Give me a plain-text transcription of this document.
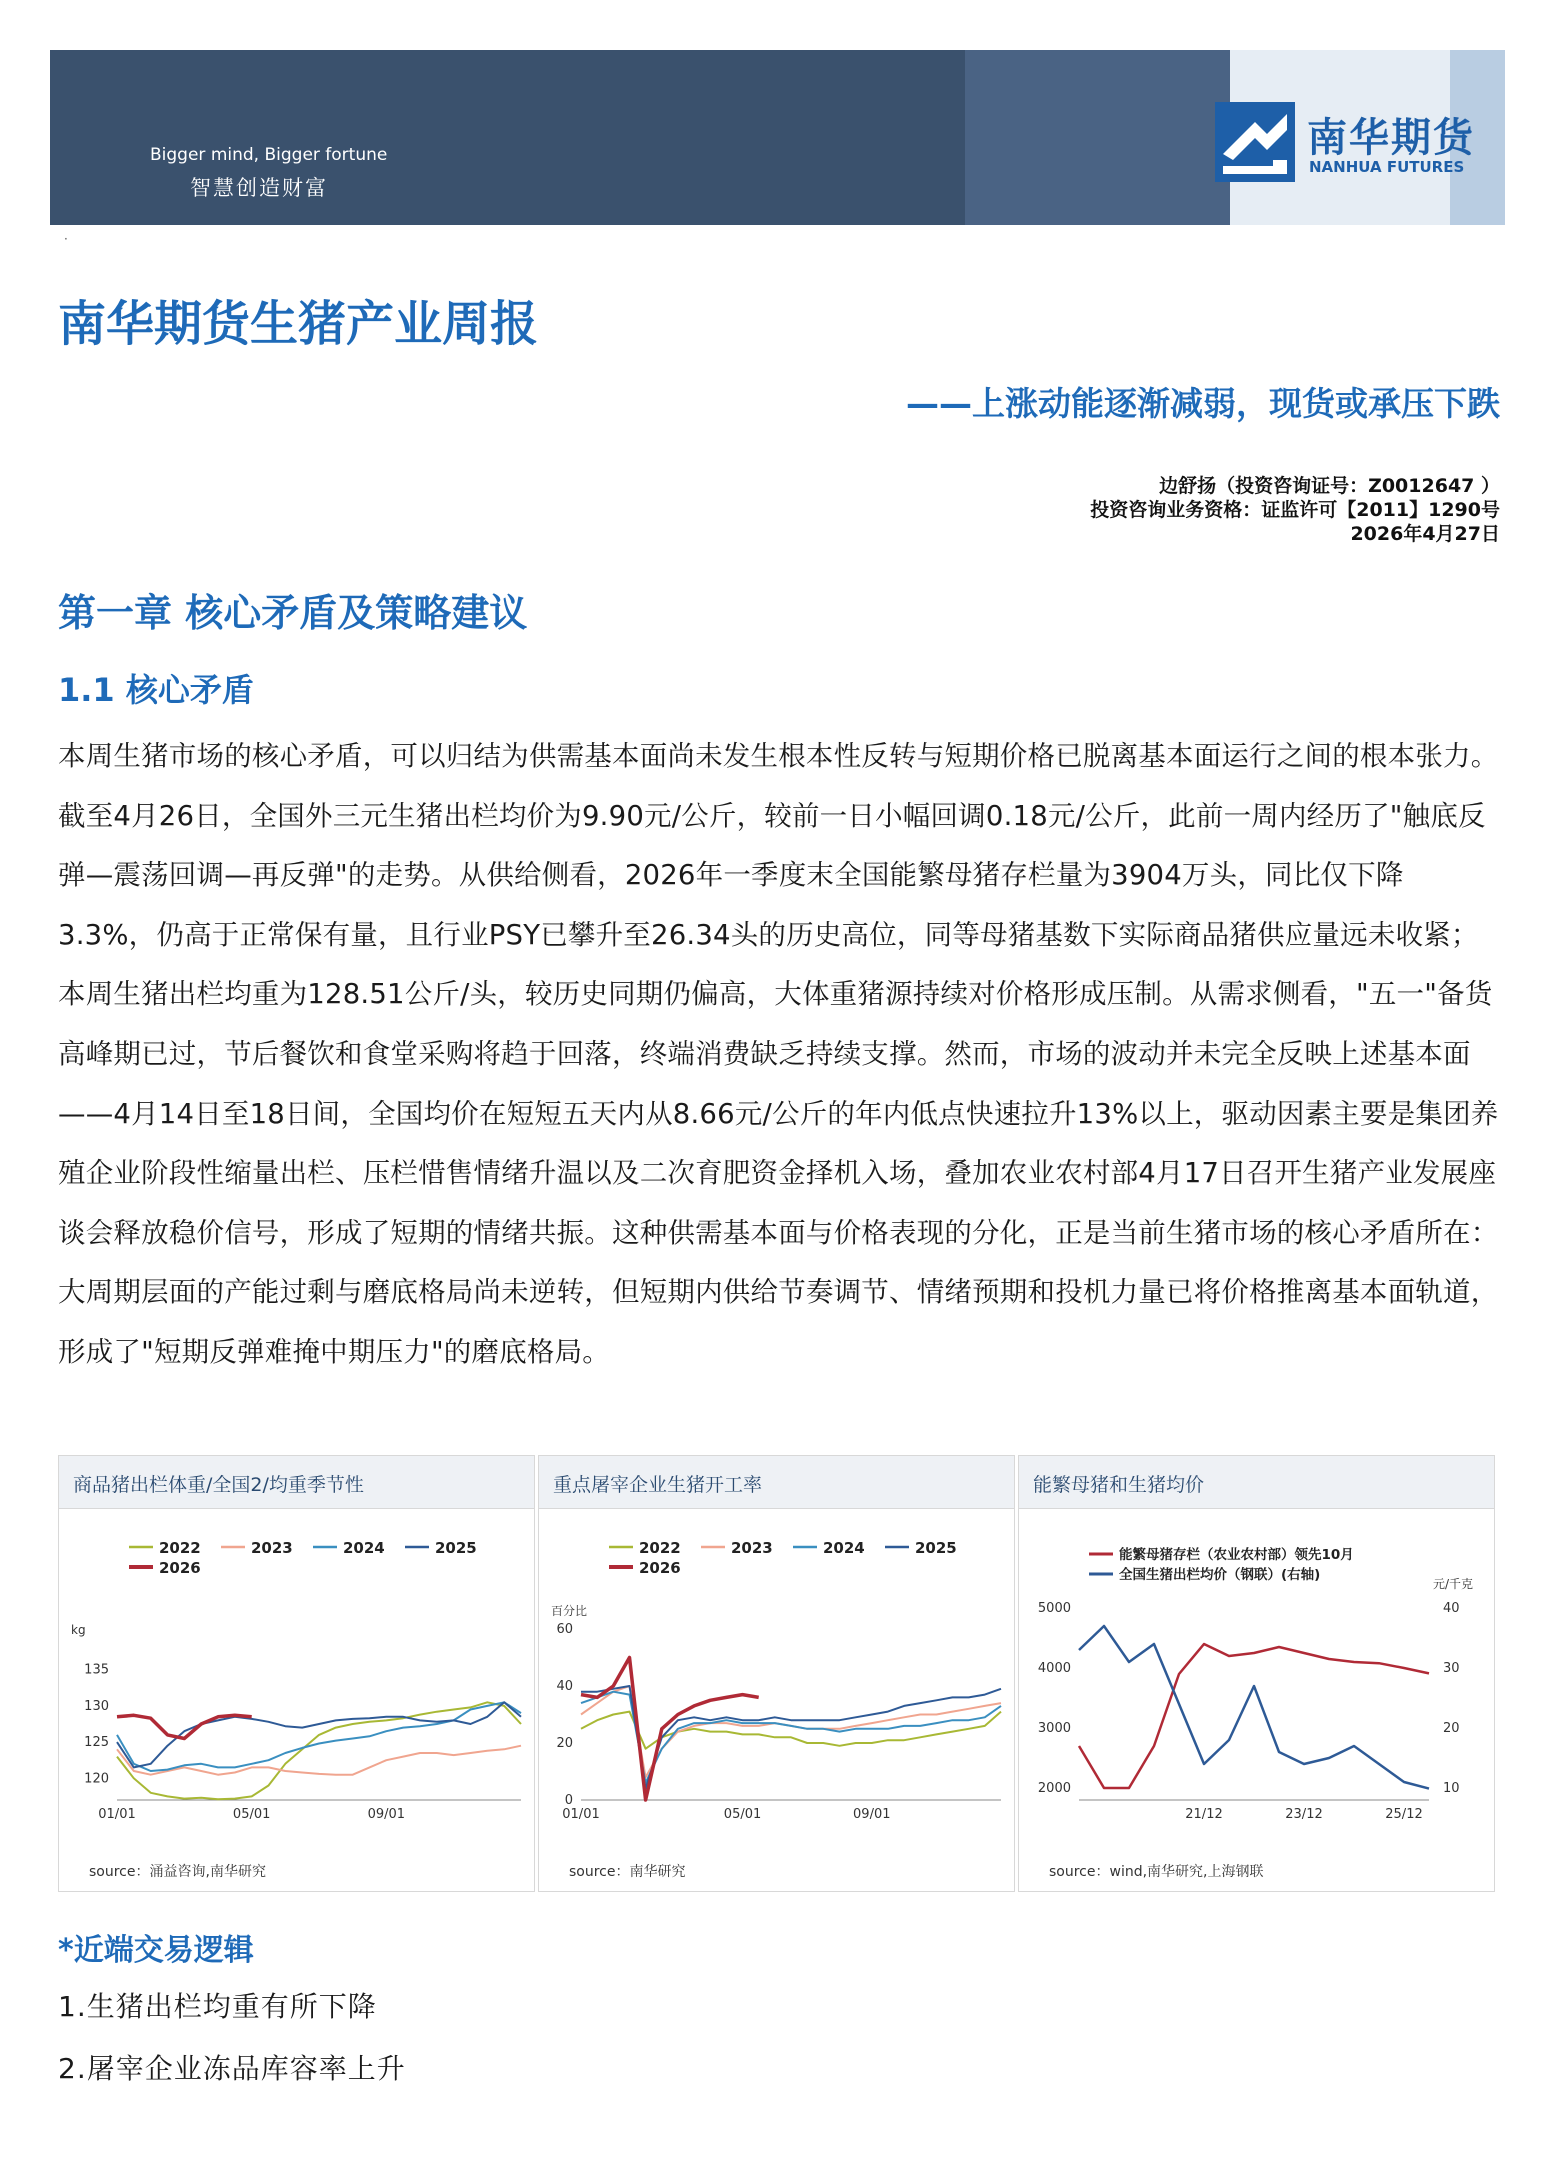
Bigger mind, Bigger fortune
智慧创造财富
南华期货
NANHUA FUTURES
·
南华期货生猪产业周报
——上涨动能逐渐减弱，现货或承压下跌
边舒扬（投资咨询证号：Z0012647 ）
投资咨询业务资格：证监许可【2011】1290号
2026年4月27日
第一章 核心矛盾及策略建议
1.1 核心矛盾

本周生猪市场的核心矛盾，可以归结为供需基本面尚未发生根本性反转与短期价格已脱离基本面运行之间的根本张力。截至4月26日，全国外三元生猪出栏均价为9.90元/公斤，较前一日小幅回调0.18元/公斤，此前一周内经历了"触底反弹—震荡回调—再反弹"的走势。从供给侧看，2026年一季度末全国能繁母猪存栏量为3904万头，同比仅下降3.3%，仍高于正常保有量，且行业PSY已攀升至26.34头的历史高位，同等母猪基数下实际商品猪供应量远未收紧；本周生猪出栏均重为128.51公斤/头，较历史同期仍偏高，大体重猪源持续对价格形成压制。从需求侧看，"五一"备货高峰期已过，节后餐饮和食堂采购将趋于回落，终端消费缺乏持续支撑。然而，市场的波动并未完全反映上述基本面——4月14日至18日间，全国均价在短短五天内从8.66元/公斤的年内低点快速拉升13%以上，驱动因素主要是集团养殖企业阶段性缩量出栏、压栏惜售情绪升温以及二次育肥资金择机入场，叠加农业农村部4月17日召开生猪产业发展座谈会释放稳价信号，形成了短期的情绪共振。这种供需基本面与价格表现的分化，正是当前生猪市场的核心矛盾所在：大周期层面的产能过剩与磨底格局尚未逆转，但短期内供给节奏调节、情绪预期和投机力量已将价格推离基本面轨道，形成了"短期反弹难掩中期压力"的磨底格局。

商品猪出栏体重/全国2/均重季节性
kg
120
125
130
135
01/01	05/01	09/01
2022	2023	2024	2025
2026
source：涌益咨询,南华研究
重点屠宰企业生猪开工率
百分比
0
20
40
60
01/01	05/01	09/01
2022	2023	2024	2025
2026
source：南华研究
能繁母猪和生猪均价
2000
3000
4000
5000
10
20
30
40
元/千克
21/12	23/12	25/12
能繁母猪存栏（农业农村部）领先10月
全国生猪出栏均价（钢联）(右轴)
source：wind,南华研究,上海钢联
*近端交易逻辑
1.生猪出栏均重有所下降
2.屠宰企业冻品库容率上升
